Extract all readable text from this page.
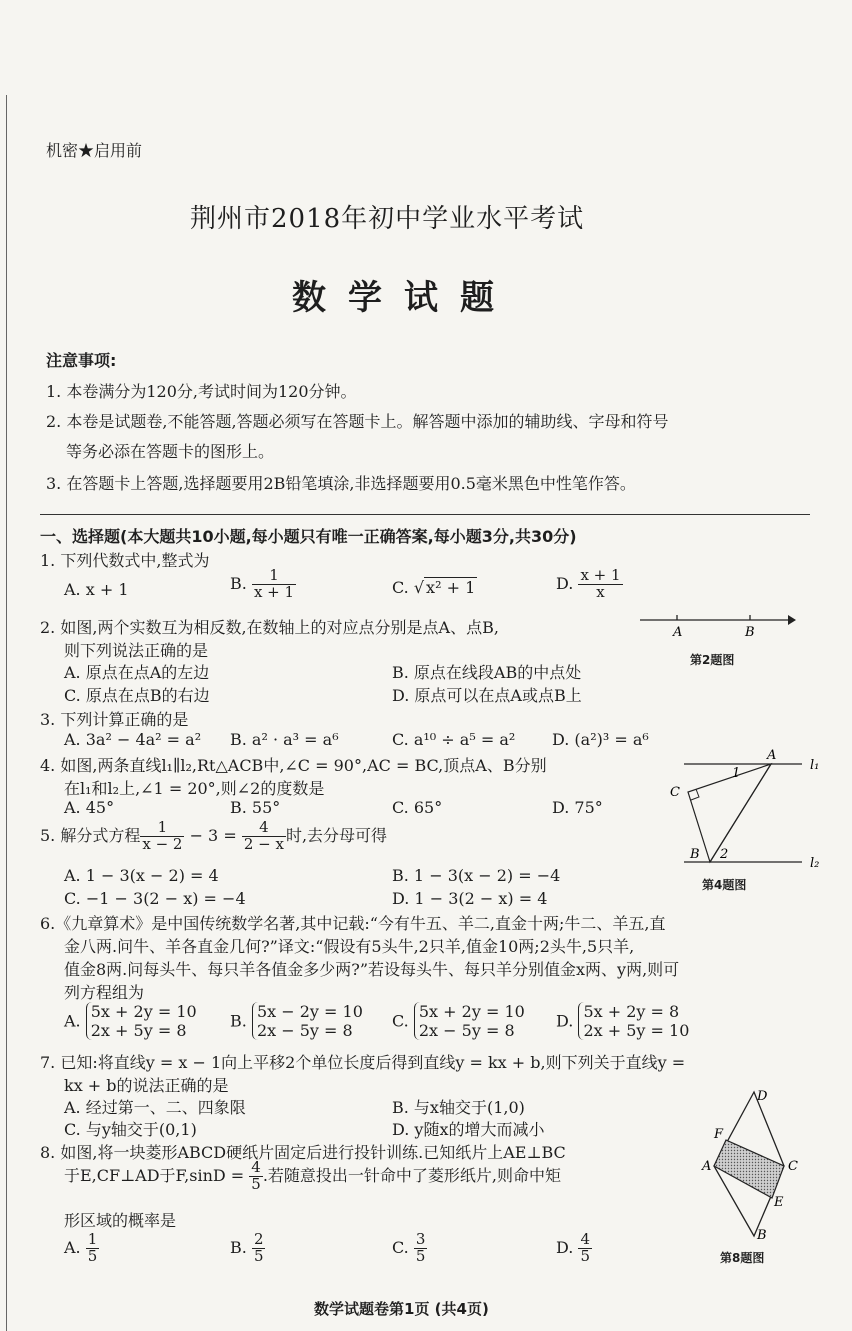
机密★启用前
荆州市2018年初中学业水平考试
数学试题
注意事项:
1. 本卷满分为120分,考试时间为120分钟。
2. 本卷是试题卷,不能答题,答题必须写在答题卡上。解答题中添加的辅助线、字母和符号
等务必添在答题卡的图形上。
3. 在答题卡上答题,选择题要用2B铅笔填涂,非选择题要用0.5毫米黑色中性笔作答。
一、选择题(本大题共10小题,每小题只有唯一正确答案,每小题3分,共30分)
1. 下列代数式中,整式为
A. x + 1	B. $\frac{1}{x + 1}$	C. √ x² + 1	D. $\frac{x + 1}{x}$
2. 如图,两个实数互为相反数,在数轴上的对应点分别是点A、点B,
则下列说法正确的是
A. 原点在点A的左边	B. 原点在线段AB的中点处
C. 原点在点B的右边	D. 原点可以在点A或点B上
A	B
第2题图
3. 下列计算正确的是
A. 3a² − 4a² = a² B. a² · a³ = a⁶	C. a¹⁰ ÷ a⁵ = a² D. (a²)³ = a⁶
4. 如图,两条直线l₁∥l₂,Rt△ACB中,∠C = 90°,AC = BC,顶点A、B分别
在l₁和l₂上,∠1 = 20°,则∠2的度数是
A. 45°	B. 55°	C. 65°	D. 75°
A
C
B
1
2
l₁
l₂
第4题图
5. 解分式方程 $\frac{1}{x - 2} - 3 = \frac{4}{2 - x}$ 时,去分母可得
A. 1 − 3(x − 2) = 4	B. 1 − 3(x − 2) = −4
C. −1 − 3(2 − x) = −4	D. 1 − 3(2 − x) = 4
6.《九章算术》是中国传统数学名著,其中记载:“今有牛五、羊二,直金十两;牛二、羊五,直
金八两.问牛、羊各直金几何?”译文:“假设有5头牛,2只羊,值金10两;2头牛,5只羊,
值金8两.问每头牛、每只羊各值金多少两?”若设每头牛、每只羊分别值金x两、y两,则可
列方程组为
A. 5x + 2y = 10
2x + 5y = 8	B. 5x − 2y = 10
2x − 5y = 8	C. 5x + 2y = 10
2x − 5y = 8	D. 5x + 2y = 8
2x + 5y = 10
7. 已知:将直线y = x − 1向上平移2个单位长度后得到直线y = kx + b,则下列关于直线y =
kx + b的说法正确的是
A. 经过第一、二、四象限	B. 与x轴交于(1,0)
C. 与y轴交于(0,1)	D. y随x的增大而减小
8. 如图,将一块菱形ABCD硬纸片固定后进行投针训练.已知纸片上AE⊥BC
于E,CF⊥AD于$F,\sin D = \frac{4}{5}$ .若随意投出一针命中了菱形纸片,则命中矩
形区域的概率是
A. $\frac{1}{5}$	B. $\frac{2}{5}$	C. $\frac{3}{5}$	D. $\frac{4}{5}$
D
A	C
B
E
F
第8题图
数学试题卷第1页 (共4页)
